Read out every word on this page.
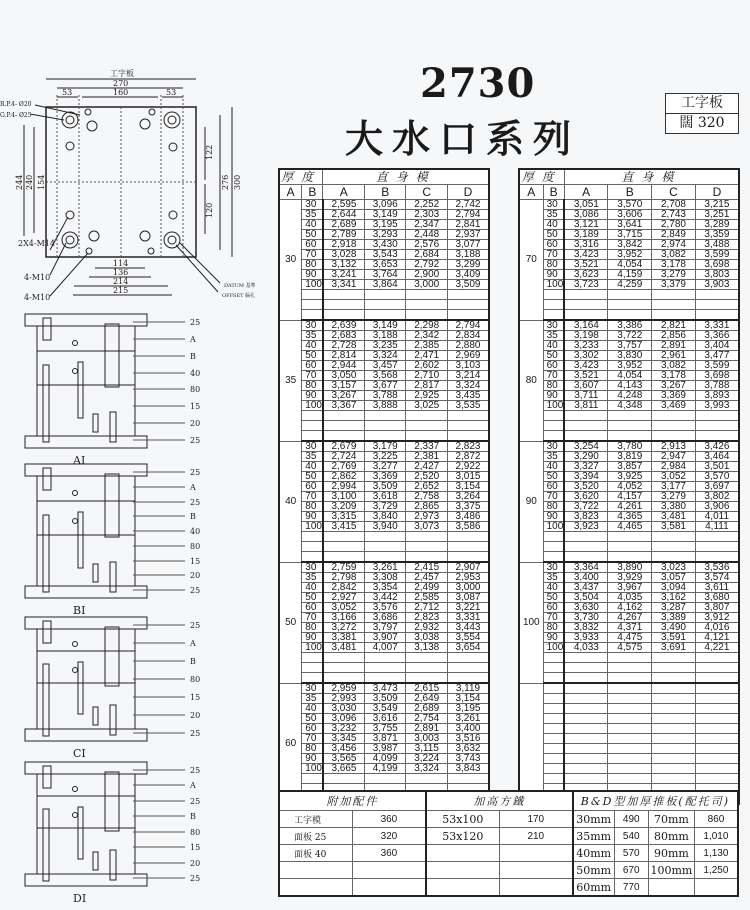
2730
大水口系列
工字板
闊 320
工字板
270
53	160	53
R.P.4- Ø20
G.P.4- Ø25
244 240 154
122
120
276 300
2X4-M14
4-M10
4-M10
114
136
214
215	DATUM 基準
OFFSET 偏孔
25
A
B
40
80
15
20
25
AI
25
A
25
B
40
80
15
20
25
BI
25
A
B
80
15
20
25
CI
25
A
25
B
80
15
20
25
DI
厚度		直身模			
A	B	A	B	C	D
30	30	2,595	3,096	2,252	2,742
	35	2,644	3,149	2,303	2,794
	40	2,689	3,195	2,347	2,841
	50	2,789	3,293	2,448	2,937
	60	2,918	3,430	2,576	3,077
	70	3,028	3,543	2,684	3,188
	80	3,132	3,653	2,792	3,299
	90	3,241	3,764	2,900	3,409
	100	3,341	3,864	3,000	3,509

35	30	2,639	3,149	2,298	2,794
	35	2,683	3,188	2,342	2,834
	40	2,728	3,235	2,385	2,880
	50	2,814	3,324	2,471	2,969
	60	2,944	3,457	2,602	3,103
	70	3,050	3,568	2,710	3,214
	80	3,157	3,677	2,817	3,324
	90	3,267	3,788	2,925	3,435
	100	3,367	3,888	3,025	3,535

40	30	2,679	3,179	2,337	2,823
	35	2,724	3,225	2,381	2,872
	40	2,769	3,277	2,427	2,922
	50	2,862	3,369	2,520	3,015
	60	2,994	3,509	2,652	3,154
	70	3,100	3,618	2,758	3,264
	80	3,209	3,729	2,865	3,375
	90	3,315	3,840	2,973	3,486
	100	3,415	3,940	3,073	3,586

50	30	2,759	3,261	2,415	2,907
	35	2,798	3,308	2,457	2,953
	40	2,842	3,354	2,499	3,000
	50	2,927	3,442	2,585	3,087
	60	3,052	3,576	2,712	3,221
	70	3,166	3,686	2,823	3,331
	80	3,272	3,797	2,932	3,443
	90	3,381	3,907	3,038	3,554
	100	3,481	4,007	3,138	3,654

60	30	2,959	3,473	2,615	3,119
	35	2,993	3,509	2,649	3,154
	40	3,030	3,549	2,689	3,195
	50	3,096	3,616	2,754	3,261
	60	3,232	3,755	2,891	3,400
	70	3,345	3,871	3,003	3,516
	80	3,456	3,987	3,115	3,632
	90	3,565	4,099	3,224	3,743
	100	3,665	4,199	3,324	3,843

厚度		直身模			
A	B	A	B	C	D
70	30	3,051	3,570	2,708	3,215
	35	3,086	3,606	2,743	3,251
	40	3,121	3,641	2,780	3,289
	50	3,189	3,715	2,849	3,359
	60	3,316	3,842	2,974	3,488
	70	3,423	3,952	3,082	3,599
	80	3,521	4,054	3,178	3,698
	90	3,623	4,159	3,279	3,803
	100	3,723	4,259	3,379	3,903

80	30	3,164	3,386	2,821	3,331
	35	3,198	3,722	2,856	3,366
	40	3,233	3,757	2,891	3,404
	50	3,302	3,830	2,961	3,477
	60	3,423	3,952	3,082	3,599
	70	3,521	4,054	3,178	3,698
	80	3,607	4,143	3,267	3,788
	90	3,711	4,248	3,369	3,893
	100	3,811	4,348	3,469	3,993

90	30	3,254	3,780	2,913	3,426
	35	3,290	3,819	2,947	3,464
	40	3,327	3,857	2,984	3,501
	50	3,394	3,925	3,052	3,570
	60	3,520	4,052	3,177	3,697
	70	3,620	4,157	3,279	3,802
	80	3,722	4,261	3,380	3,906
	90	3,823	4,365	3,481	4,011
	100	3,923	4,465	3,581	4,111

100	30	3,364	3,890	3,023	3,536
	35	3,400	3,929	3,057	3,574
	40	3,437	3,967	3,094	3,611
	50	3,504	4,035	3,162	3,680
	60	3,630	4,162	3,287	3,807
	70	3,730	4,267	3,389	3,912
	80	3,832	4,371	3,490	4,016
	90	3,933	4,475	3,591	4,121
	100	4,033	4,575	3,691	4,221

附加配件		加高方鐵		B&D型加厚推板(配托司)			
工字模	360	53x100	170	30mm	490	70mm	860
面板 25	320	53x120	210	35mm	540	80mm	1,010
面板 40	360			40mm	570	90mm	1,130
				50mm	670	100mm	1,250
				60mm	770		
